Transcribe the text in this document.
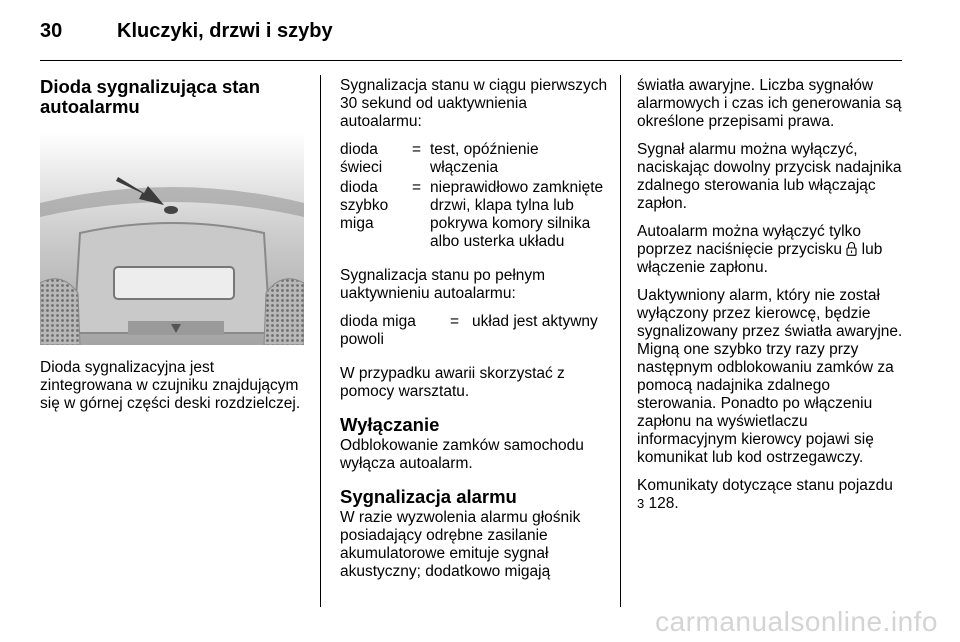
30	Kluczyki, drzwi i szyby
Dioda sygnalizująca stan autoalarmu

Dioda sygnalizacyjna jest zintegrowana w czujniku znajdującym się w górnej części deski rozdzielczej.

Sygnalizacja stanu w ciągu pierwszych 30 sekund od uaktywnienia autoalarmu:

dioda świeci
= test, opóźnienie włączenia
dioda szybko miga
= nieprawidłowo zamknięte drzwi, klapa tylna lub pokrywa komory silnika albo usterka układu

Sygnalizacja stanu po pełnym uaktywnieniu autoalarmu:

dioda miga powoli
= układ jest aktywny

W przypadku awarii skorzystać z pomocy warsztatu.

Wyłączanie

Odblokowanie zamków samochodu wyłącza autoalarm.

Sygnalizacja alarmu

W razie wyzwolenia alarmu głośnik posiadający odrębne zasilanie akumulatorowe emituje sygnał akustyczny; dodatkowo migają

światła awaryjne. Liczba sygnałów alarmowych i czas ich generowania są określone przepisami prawa.

Sygnał alarmu można wyłączyć, naciskając dowolny przycisk nadajnika zdalnego sterowania lub włączając zapłon.

Autoalarm można wyłączyć tylko poprzez naciśnięcie przycisku lub włączenie zapłonu.

Uaktywniony alarm, który nie został wyłączony przez kierowcę, będzie sygnalizowany przez światła awaryjne. Migną one szybko trzy razy przy następnym odblokowaniu zamków za pomocą nadajnika zdalnego sterowania. Ponadto po włączeniu zapłonu na wyświetlaczu informacyjnym kierowcy pojawi się komunikat lub kod ostrzegawczy.

Komunikaty dotyczące stanu pojazdu
3 128.

carmanualsonline.info
